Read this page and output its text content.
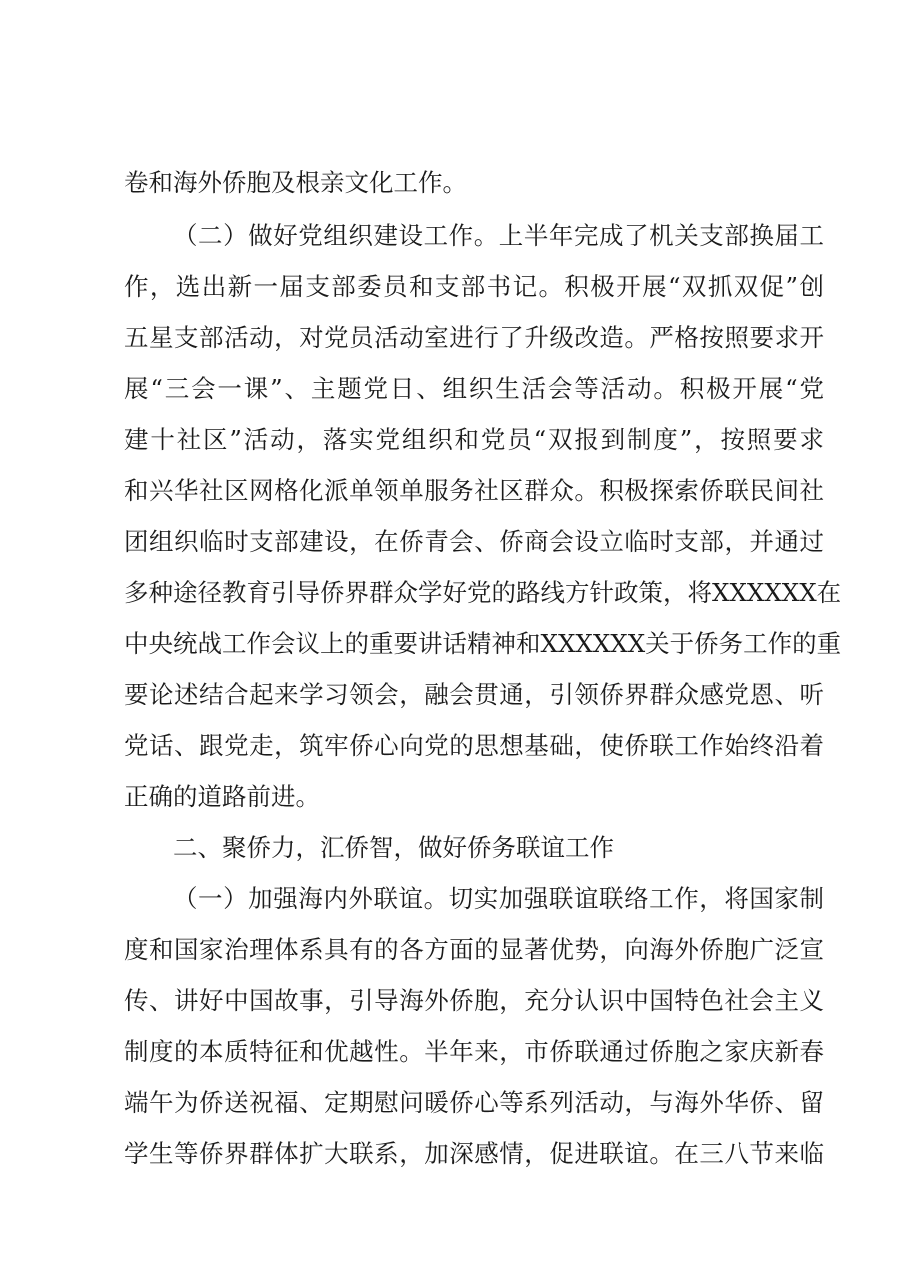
卷和海外侨胞及根亲文化工作。
（二）做好党组织建设工作。上半年完成了机关支部换届工
作，选出新一届支部委员和支部书记。积极开展“双抓双促”创
五星支部活动，对党员活动室进行了升级改造。严格按照要求开
展“三会一课”、主题党日、组织生活会等活动。积极开展“党
建十社区”活动，落实党组织和党员“双报到制度”，按照要求
和兴华社区网格化派单领单服务社区群众。积极探索侨联民间社
团组织临时支部建设，在侨青会、侨商会设立临时支部，并通过
多种途径教育引导侨界群众学好党的路线方针政策，将XXXXXX在
中央统战工作会议上的重要讲话精神和XXXXXX关于侨务工作的重
要论述结合起来学习领会，融会贯通，引领侨界群众感党恩、听
党话、跟党走，筑牢侨心向党的思想基础，使侨联工作始终沿着
正确的道路前进。
二、聚侨力，汇侨智，做好侨务联谊工作
（一）加强海内外联谊。切实加强联谊联络工作，将国家制
度和国家治理体系具有的各方面的显著优势，向海外侨胞广泛宣
传、讲好中国故事，引导海外侨胞，充分认识中国特色社会主义
制度的本质特征和优越性。半年来，市侨联通过侨胞之家庆新春
端午为侨送祝福、定期慰问暖侨心等系列活动，与海外华侨、留
学生等侨界群体扩大联系，加深感情，促进联谊。在三八节来临
